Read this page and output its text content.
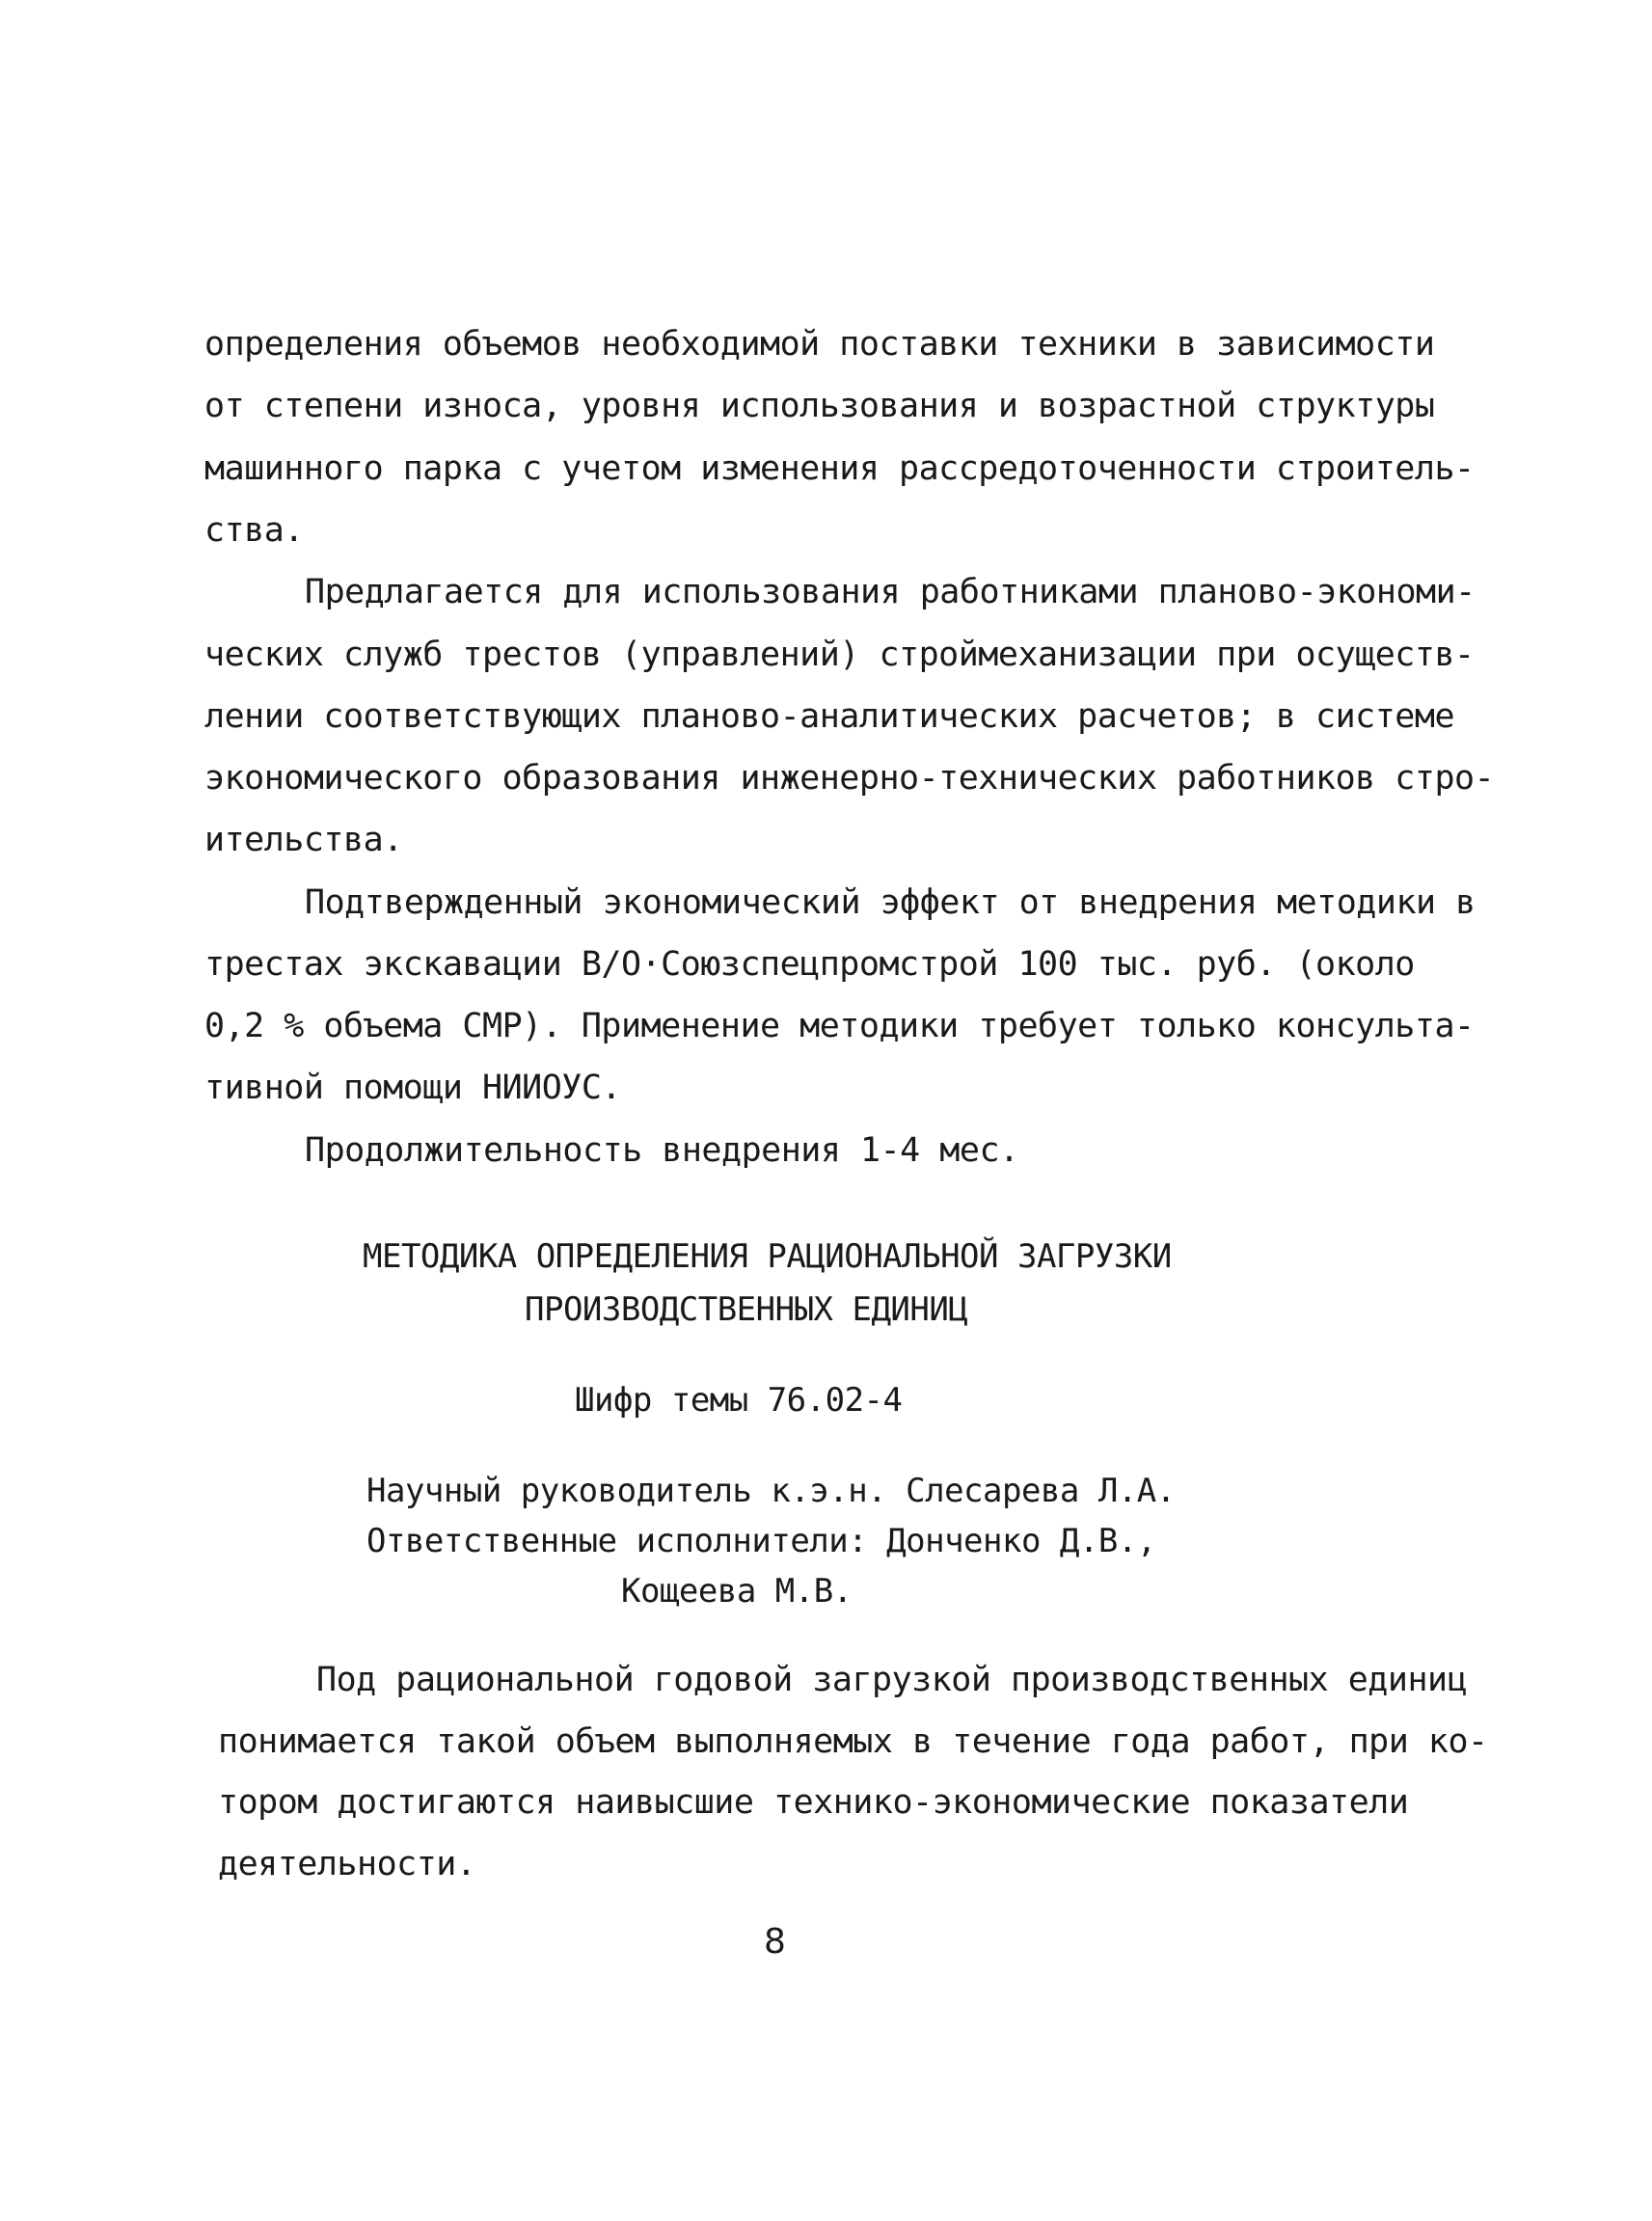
определения объемов необходимой поставки техники в зависимости
от степени износа, уровня использования и возрастной структуры
машинного парка с учетом изменения рассредоточенности строитель-
ства.
Предлагается для использования работниками планово-экономи-
ческих служб трестов (управлений) строймеханизации при осуществ-
лении соответствующих планово-аналитических расчетов; в системе
экономического образования инженерно-технических работников стро-
ительства.
Подтвержденный экономический эффект от внедрения методики в
трестах экскавации В/О·Союзспецпромстрой 100 тыс. руб. (около
0,2 % объема СМР). Применение методики требует только консульта-
тивной помощи НИИОУС.
Продолжительность внедрения 1-4 мес.
МЕТОДИКА ОПРЕДЕЛЕНИЯ РАЦИОНАЛЬНОЙ ЗАГРУЗКИ
ПРОИЗВОДСТВЕННЫХ ЕДИНИЦ
Шифр темы 76.02-4
Научный руководитель к.э.н. Слесарева Л.А.
Ответственные исполнители: Донченко Д.В.,
Кощеева М.В.
Под рациональной годовой загрузкой производственных единиц
понимается такой объем выполняемых в течение года работ, при ко-
тором достигаются наивысшие технико-экономические показатели
деятельности.
8
